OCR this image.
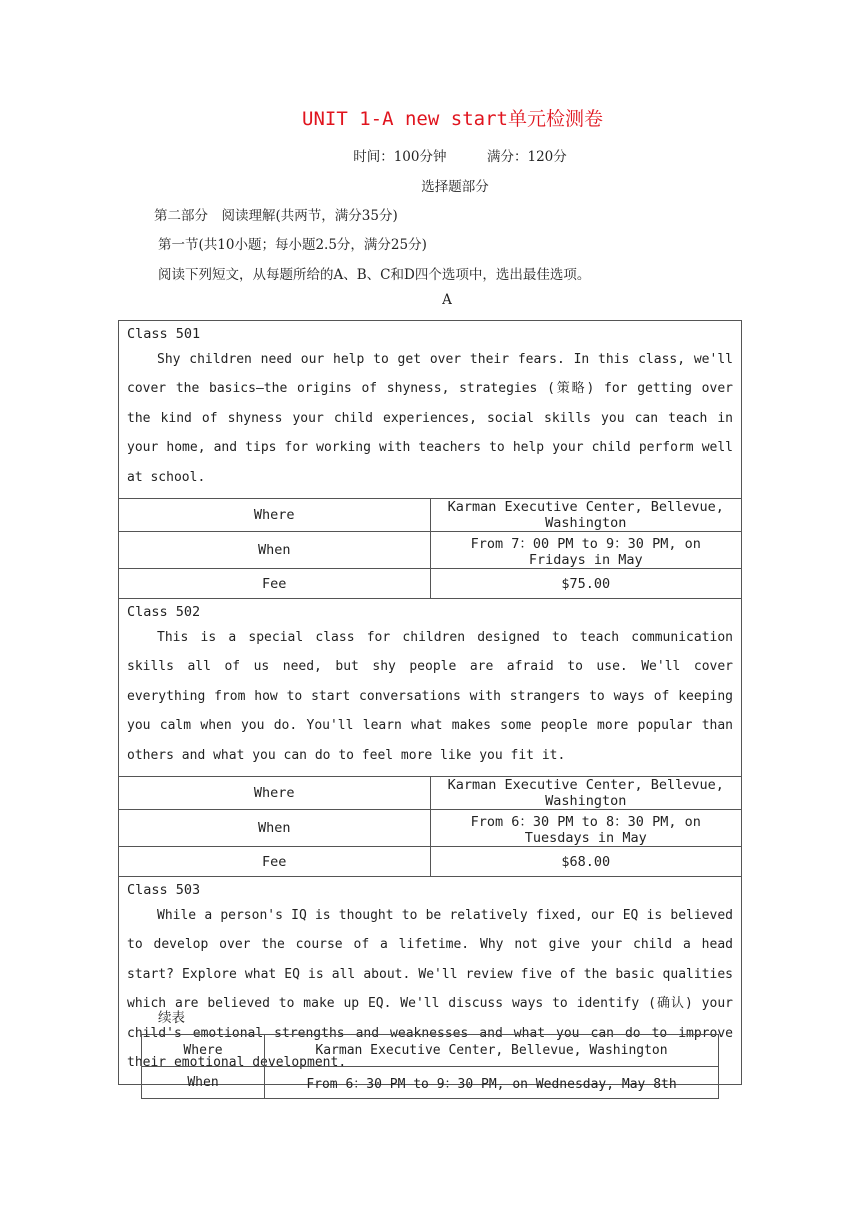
UNIT 1-A new start单元检测卷
时间：100分钟　　　满分：120分
选择题部分
第二部分　阅读理解(共两节，满分35分)
第一节(共10小题；每小题2.5分，满分25分)
阅读下列短文，从每题所给的A、B、C和D四个选项中，选出最佳选项。
A
Class 501
Shy children need our help to get over their fears. In this class, we'll cover the basics—the origins of shyness, strategies (策略) for getting over the kind of shyness your child experiences, social skills you can teach in your home, and tips for working with teachers to help your child perform well at school.	

Where	Karman Executive Center, Bellevue, Washington
When	From 7：00 PM to 9：30 PM, on Fridays in May
Fee	$75.00

Class 502
This is a special class for children designed to teach communication skills all of us need, but shy people are afraid to use. We'll cover everything from how to start conversations with strangers to ways of keeping you calm when you do. You'll learn what makes some people more popular than others and what you can do to feel more like you fit it.	

Where	Karman Executive Center, Bellevue, Washington
When	From 6：30 PM to 8：30 PM, on Tuesdays in May
Fee	$68.00

Class 503
While a person's IQ is thought to be relatively fixed, our EQ is believed to develop over the course of a lifetime. Why not give your child a head start? Explore what EQ is all about. We'll review five of the basic qualities which are believed to make up EQ. We'll discuss ways to identify (确认) your child's emotional strengths and weaknesses and what you can do to improve their emotional development.	
续表
Where	Karman Executive Center, Bellevue, Washington
When	From 6：30 PM to 9：30 PM, on Wednesday, May 8th
